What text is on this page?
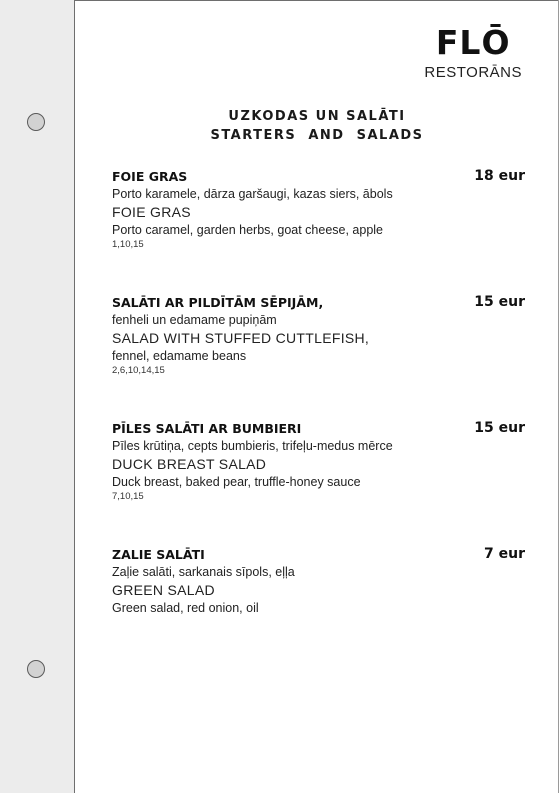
FLŌ
RESTORĀNS
UZKODAS UN SALĀTI
STARTERS  AND  SALADS
FOIE GRAS	18 eur
Porto karamele, dārza garšaugi, kazas siers, ābols
FOIE GRAS
Porto caramel, garden herbs, goat cheese, apple
1,10,15
SALĀTI AR PILDĪTĀM SĒPIJĀM,	15 eur
fenheli un edamame pupiņām
SALAD WITH STUFFED CUTTLEFISH,
fennel, edamame beans
2,6,10,14,15
PĪLES SALĀTI AR BUMBIERI	15 eur
Pīles krūtiņa, cepts bumbieris, trifeļu-medus mērce
DUCK BREAST SALAD
Duck breast, baked pear, truffle-honey sauce
7,10,15
ZALIE SALĀTI	7 eur
Zaļie salāti, sarkanais sīpols, eļļa
GREEN SALAD
Green salad, red onion, oil
